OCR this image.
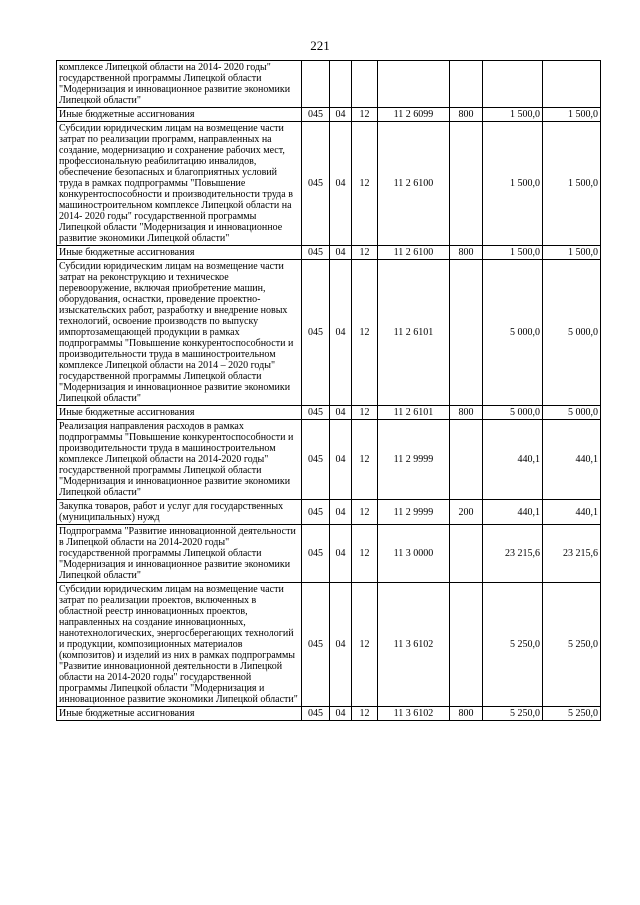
221
комплексе Липецкой области на 2014- 2020 годы" государственной программы Липецкой области "Модернизация и инновационное развитие экономики Липецкой области"							
Иные бюджетные ассигнования	045	04	12	11 2 6099	800	1 500,0	1 500,0
Субсидии юридическим лицам на возмещение части затрат по реализации программ, направленных на создание, модернизацию и сохранение рабочих мест, профессиональную реабилитацию инвалидов, обеспечение безопасных и благоприятных условий труда в рамках подпрограммы "Повышение конкурентоспособности и производительности труда в машиностроительном комплексе Липецкой области на 2014- 2020 годы" государственной программы Липецкой области "Модернизация и инновационное развитие экономики Липецкой области"	045	04	12	11 2 6100		1 500,0	1 500,0
Иные бюджетные ассигнования	045	04	12	11 2 6100	800	1 500,0	1 500,0
Субсидии юридическим лицам на возмещение части затрат на реконструкцию и техническое перевооружение, включая приобретение машин, оборудования, оснастки, проведение проектно-изыскательских работ, разработку и внедрение новых технологий, освоение производств по выпуску импортозамещающей продукции в рамках подпрограммы "Повышение конкурентоспособности и производительности труда в машиностроительном комплексе Липецкой области на 2014 – 2020 годы" государственной программы Липецкой области "Модернизация и инновационное развитие экономики Липецкой области"	045	04	12	11 2 6101		5 000,0	5 000,0
Иные бюджетные ассигнования	045	04	12	11 2 6101	800	5 000,0	5 000,0
Реализация направления расходов в рамках подпрограммы "Повышение конкурентоспособности и производительности труда в машиностроительном комплексе Липецкой области на 2014-2020 годы" государственной программы Липецкой области "Модернизация и инновационное развитие экономики Липецкой области"	045	04	12	11 2 9999		440,1	440,1
Закупка товаров, работ и услуг для государственных (муниципальных) нужд	045	04	12	11 2 9999	200	440,1	440,1
Подпрограмма "Развитие инновационной деятельности в Липецкой области на 2014-2020 годы" государственной программы Липецкой области "Модернизация и инновационное развитие экономики Липецкой области"	045	04	12	11 3 0000		23 215,6	23 215,6
Субсидии юридическим лицам на возмещение части затрат по реализации проектов, включенных в областной реестр инновационных проектов, направленных на создание инновационных, нанотехнологических, энергосберегающих технологий и продукции, композиционных материалов (композитов) и изделий из них в рамках подпрограммы "Развитие инновационной деятельности в Липецкой области на 2014-2020 годы" государственной программы Липецкой области "Модернизация и инновационное развитие экономики Липецкой области"	045	04	12	11 3 6102		5 250,0	5 250,0
Иные бюджетные ассигнования	045	04	12	11 3 6102	800	5 250,0	5 250,0
